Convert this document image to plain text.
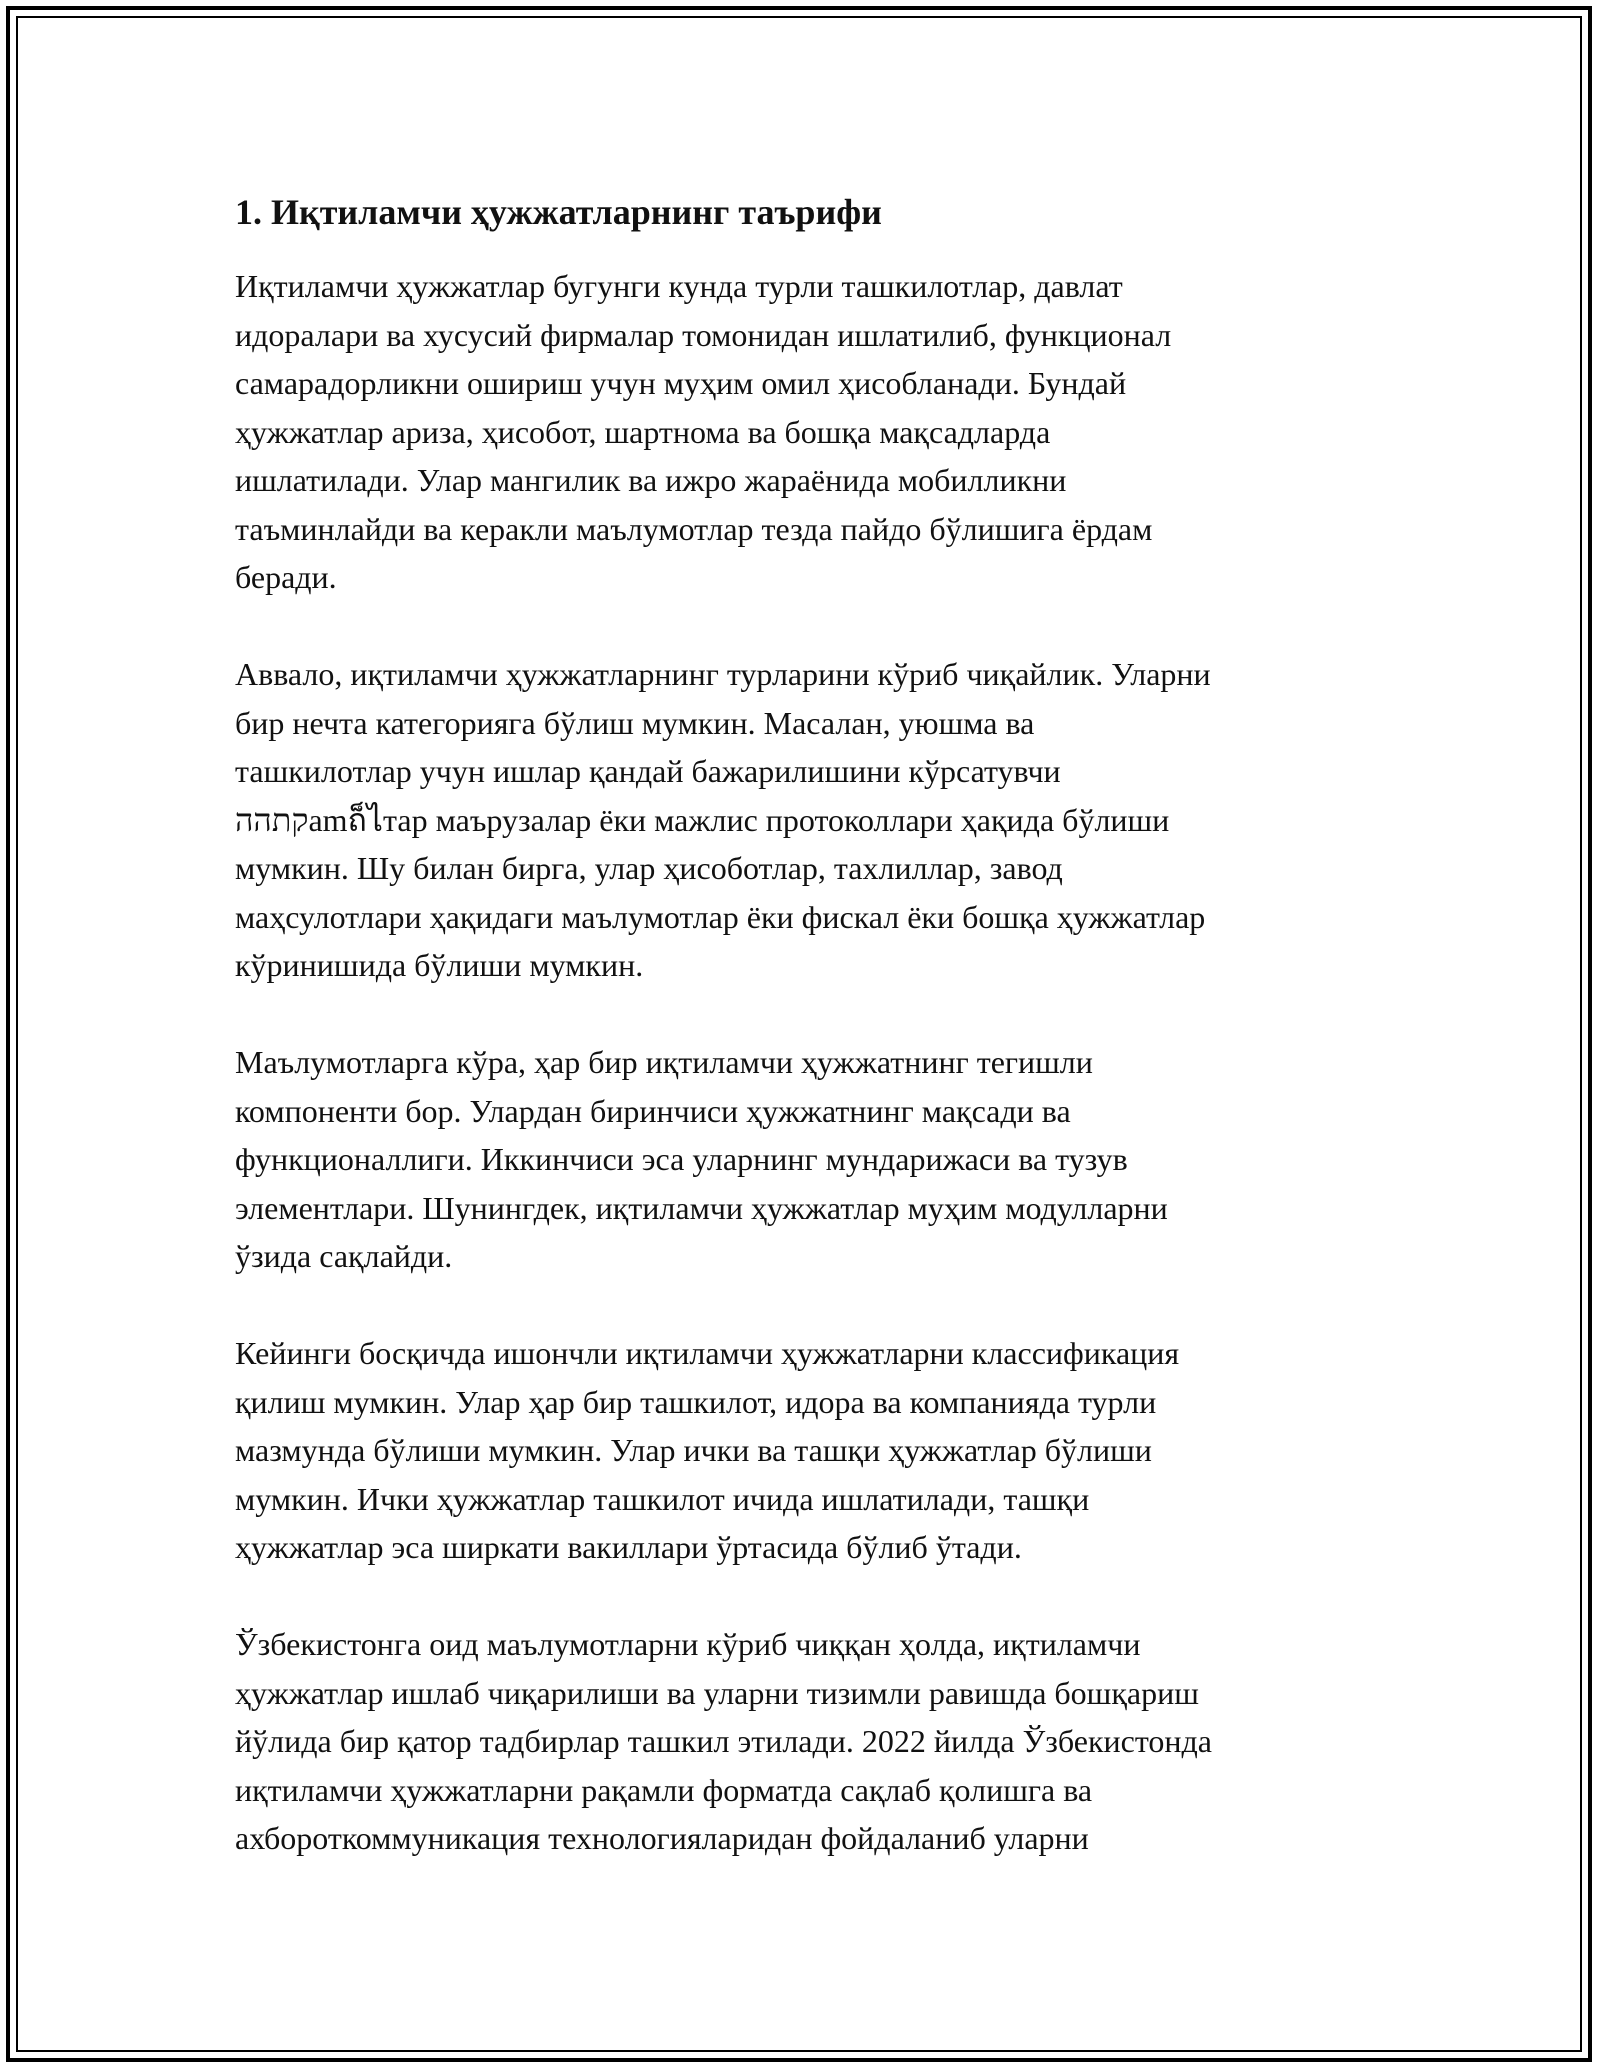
1. Иқтиламчи ҳужжатларнинг таърифи

Иқтиламчи ҳужжатлар бугунги кунда турли ташкилотлар, давлат
идоралари ва хусусий фирмалар томонидан ишлатилиб, функционал
самарадорликни ошириш учун муҳим омил ҳисобланади. Бундай
ҳужжатлар ариза, ҳисобот, шартнома ва бошқа мақсадларда
ишлатилади. Улар мангилик ва ижро жараёнида мобилликни
таъминлайди ва керакли маълумотлар тезда пайдо бўлишига ёрдам
беради.

Аввало, иқтиламчи ҳужжатларнинг турларини кўриб чиқайлик. Уларни
бир нечта категорияга бўлиш мумкин. Масалан, уюшма ва
ташкилотлар учун ишлар қандай бажарилишини кўрсатувчи
קתההamถ็ไтар маърузалар ёки мажлис протоколлари ҳақида бўлиши
мумкин. Шу билан бирга, улар ҳисоботлар, тахлиллар, завод
маҳсулотлари ҳақидаги маълумотлар ёки фискал ёки бошқа ҳужжатлар
кўринишида бўлиши мумкин.

Маълумотларга кўра, ҳар бир иқтиламчи ҳужжатнинг тегишли
компоненти бор. Улардан биринчиси ҳужжатнинг мақсади ва
функционаллиги. Иккинчиси эса уларнинг мундарижаси ва тузув
элементлари. Шунингдек, иқтиламчи ҳужжатлар муҳим модулларни
ўзида сақлайди.

Кейинги босқичда ишончли иқтиламчи ҳужжатларни классификация
қилиш мумкин. Улар ҳар бир ташкилот, идора ва компанияда турли
мазмунда бўлиши мумкин. Улар ички ва ташқи ҳужжатлар бўлиши
мумкин. Ички ҳужжатлар ташкилот ичида ишлатилади, ташқи
ҳужжатлар эса ширкати вакиллари ўртасида бўлиб ўтади.

Ўзбекистонга оид маълумотларни кўриб чиққан ҳолда, иқтиламчи
ҳужжатлар ишлаб чиқарилиши ва уларни тизимли равишда бошқариш
йўлида бир қатор тадбирлар ташкил этилади. 2022 йилда Ўзбекистонда
иқтиламчи ҳужжатларни рақамли форматда сақлаб қолишга ва
ахбороткоммуникация технологияларидан фойдаланиб уларни
